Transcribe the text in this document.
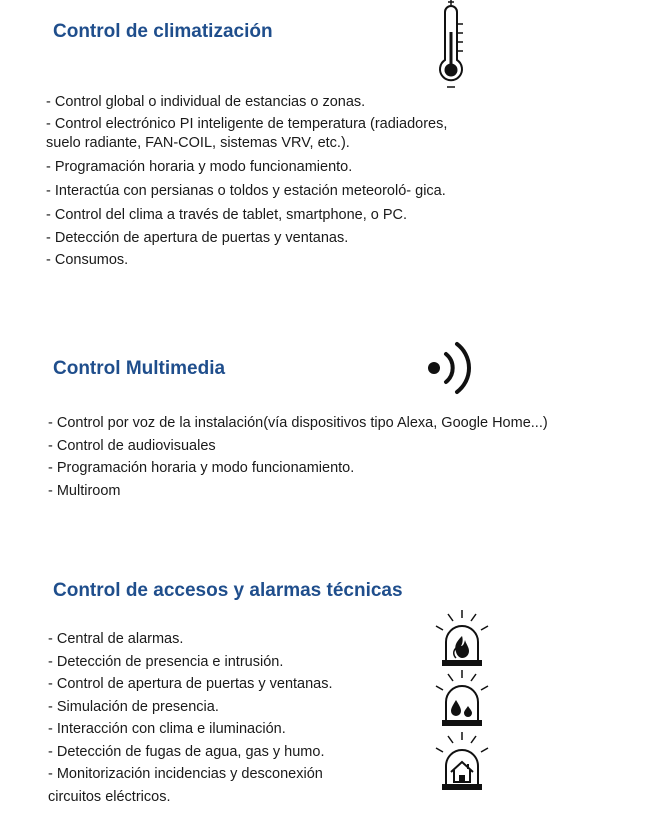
Control de climatización
- Control global o individual de estancias o zonas.
- Control electrónico PI inteligente de temperatura (radiadores,
suelo radiante, FAN-COIL, sistemas VRV, etc.).
- Programación horaria y modo funcionamiento.
- Interactúa con persianas o toldos y estación meteoroló- gica.
- Control del clima a través de tablet, smartphone, o PC.
- Detección de apertura de puertas y ventanas.
- Consumos.
Control Multimedia
- Control por voz de la instalación(vía dispositivos tipo Alexa, Google Home...)
- Control de audiovisuales
- Programación horaria y modo funcionamiento.
- Multiroom
Control de accesos y alarmas técnicas
- Central de alarmas.
- Detección de presencia e intrusión.
- Control de apertura de puertas y ventanas.
- Simulación de presencia.
- Interacción con clima e iluminación.
- Detección de fugas de agua, gas y humo.
- Monitorización incidencias y desconexión
circuitos eléctricos.
